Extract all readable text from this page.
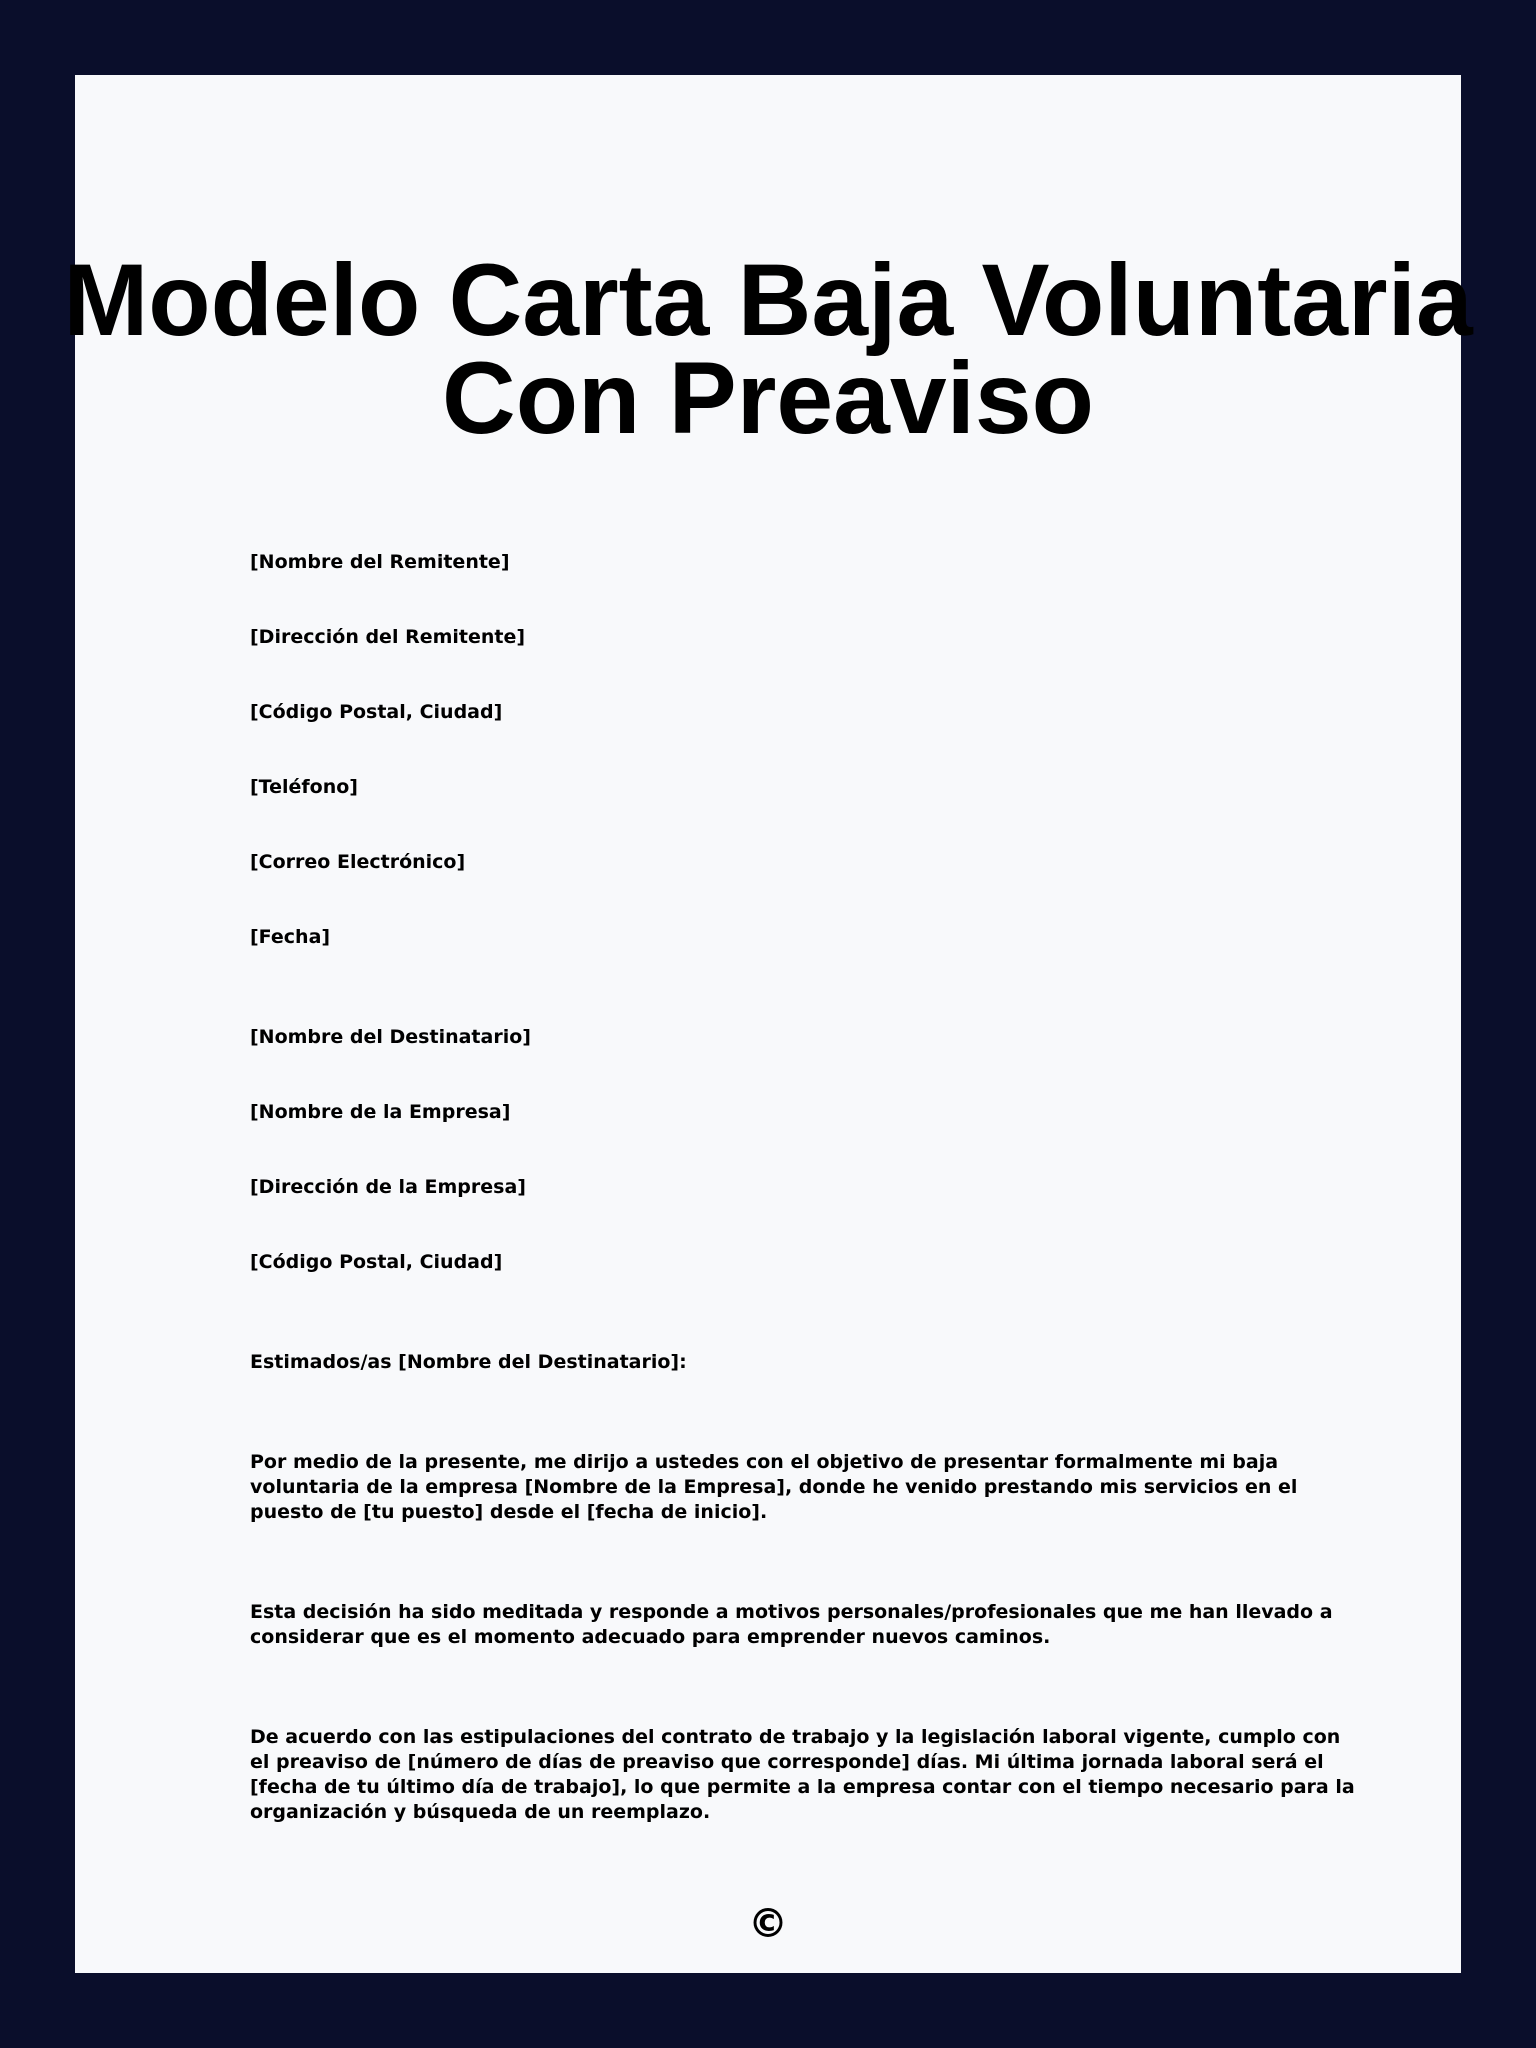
Modelo Carta Baja Voluntaria
Con Preaviso
[Nombre del Remitente]
[Dirección del Remitente]
[Código Postal, Ciudad]
[Teléfono]
[Correo Electrónico]
[Fecha]
[Nombre del Destinatario]
[Nombre de la Empresa]
[Dirección de la Empresa]
[Código Postal, Ciudad]
Estimados/as [Nombre del Destinatario]:

Por medio de la presente, me dirijo a ustedes con el objetivo de presentar formalmente mi baja voluntaria de la empresa [Nombre de la Empresa], donde he venido prestando mis servicios en el puesto de [tu puesto] desde el [fecha de inicio].

Esta decisión ha sido meditada y responde a motivos personales/profesionales que me han llevado a considerar que es el momento adecuado para emprender nuevos caminos.

De acuerdo con las estipulaciones del contrato de trabajo y la legislación laboral vigente, cumplo con el preaviso de [número de días de preaviso que corresponde] días. Mi última jornada laboral será el [fecha de tu último día de trabajo], lo que permite a la empresa contar con el tiempo necesario para la organización y búsqueda de un reemplazo.

©
